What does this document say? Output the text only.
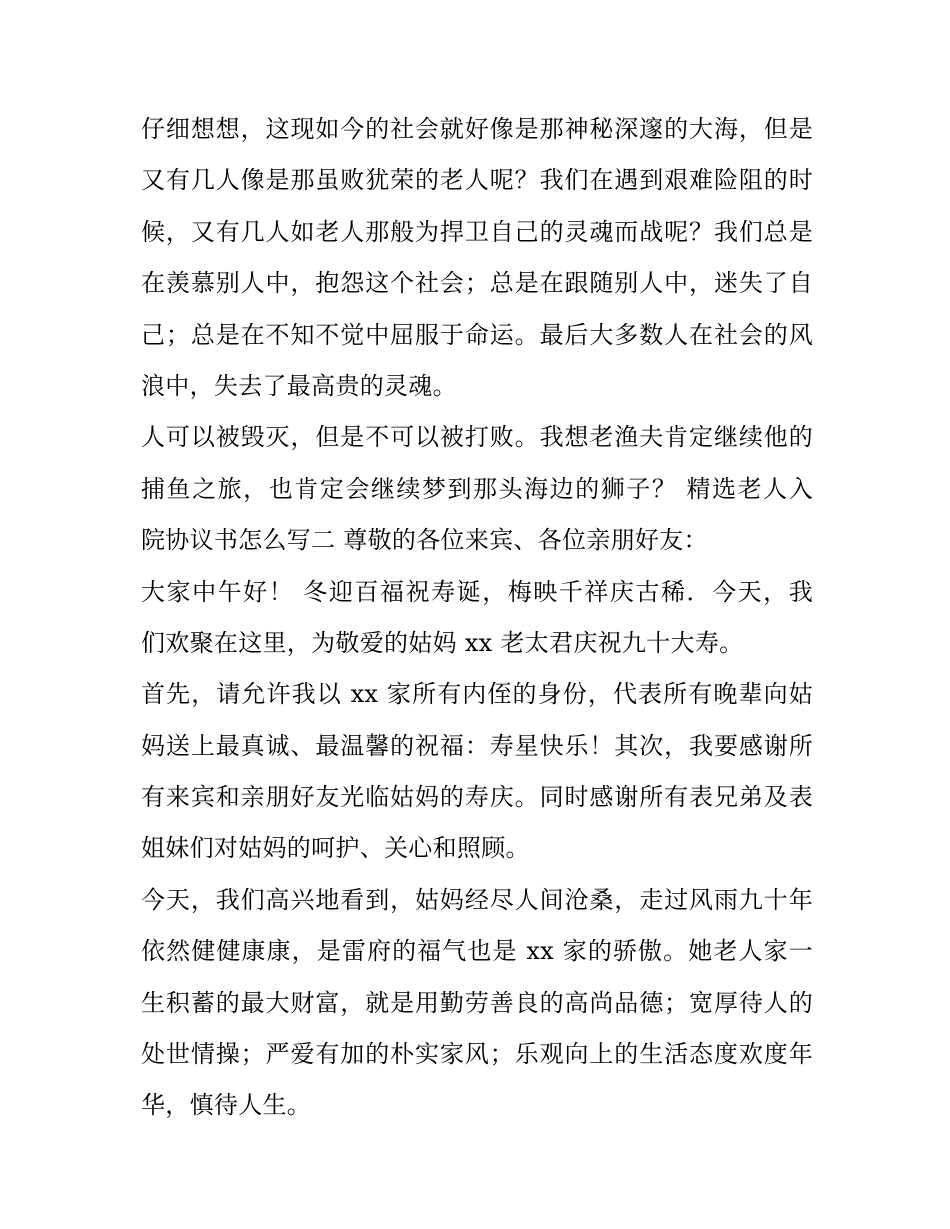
仔细想想，这现如今的社会就好像是那神秘深邃的大海，但是
又有几人像是那虽败犹荣的老人呢？我们在遇到艰难险阻的时
候，又有几人如老人那般为捍卫自己的灵魂而战呢？我们总是
在羡慕别人中，抱怨这个社会；总是在跟随别人中，迷失了自
己；总是在不知不觉中屈服于命运。最后大多数人在社会的风
浪中，失去了最高贵的灵魂。
人可以被毁灭，但是不可以被打败。我想老渔夫肯定继续他的
捕鱼之旅，也肯定会继续梦到那头海边的狮子？ 精选老人入
院协议书怎么写二 尊敬的各位来宾、各位亲朋好友：
大家中午好！ 冬迎百福祝寿诞，梅映千祥庆古稀．今天，我
们欢聚在这里，为敬爱的姑妈 xx 老太君庆祝九十大寿。
首先，请允许我以 xx 家所有内侄的身份，代表所有晚辈向姑
妈送上最真诚、最温馨的祝福：寿星快乐！其次，我要感谢所
有来宾和亲朋好友光临姑妈的寿庆。同时感谢所有表兄弟及表
姐妹们对姑妈的呵护、关心和照顾。
今天，我们高兴地看到，姑妈经尽人间沧桑，走过风雨九十年
依然健健康康，是雷府的福气也是 xx 家的骄傲。她老人家一
生积蓄的最大财富，就是用勤劳善良的高尚品德；宽厚待人的
处世情操；严爱有加的朴实家风；乐观向上的生活态度欢度年
华，慎待人生。
